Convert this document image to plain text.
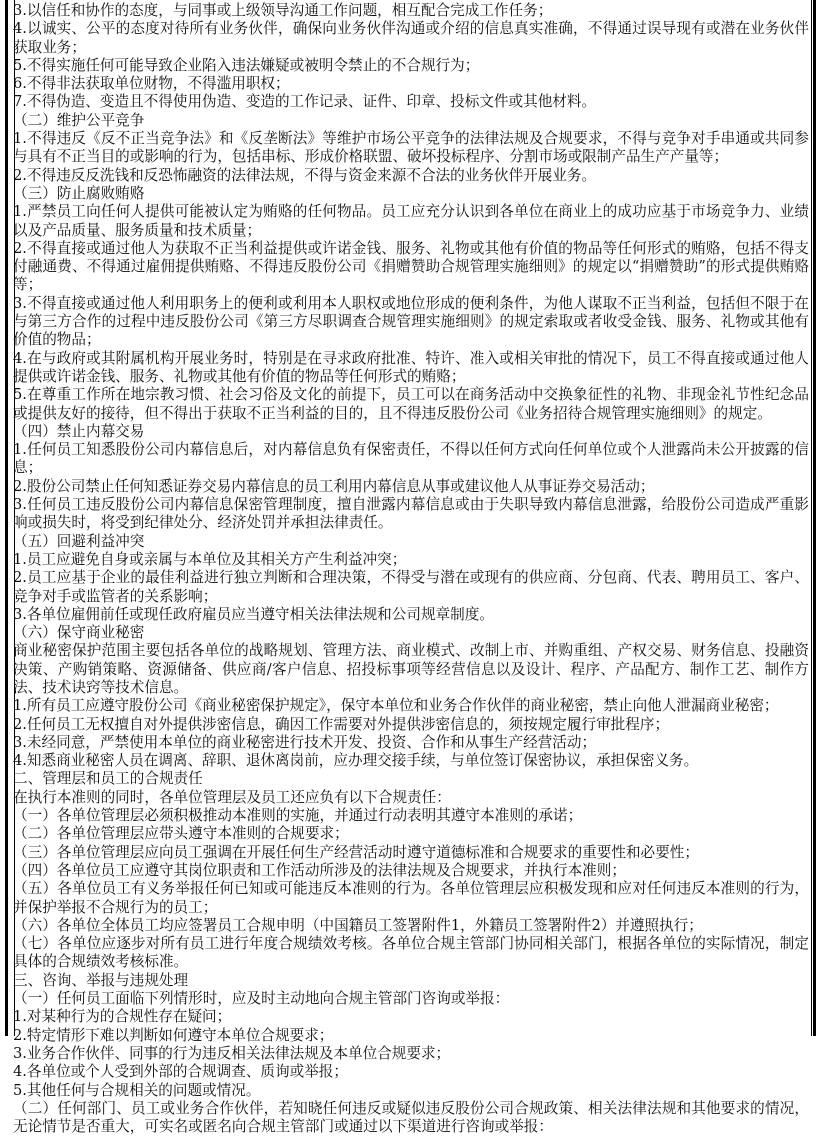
3.以信任和协作的态度，与同事或上级领导沟通工作问题，相互配合完成工作任务；

4.以诚实、公平的态度对待所有业务伙伴，确保向业务伙伴沟通或介绍的信息真实准确，不得通过误导现有或潜在业务伙伴获取业务；

5.不得实施任何可能导致企业陷入违法嫌疑或被明令禁止的不合规行为；

6.不得非法获取单位财物，不得滥用职权；

7.不得伪造、变造且不得使用伪造、变造的工作记录、证件、印章、投标文件或其他材料。

（二）维护公平竞争

1.不得违反《反不正当竞争法》和《反垄断法》等维护市场公平竞争的法律法规及合规要求，不得与竞争对手串通或共同参与具有不正当目的或影响的行为，包括串标、形成价格联盟、破坏投标程序、分割市场或限制产品生产产量等；

2.不得违反反洗钱和反恐怖融资的法律法规，不得与资金来源不合法的业务伙伴开展业务。

（三）防止腐败贿赂

1.严禁员工向任何人提供可能被认定为贿赂的任何物品。员工应充分认识到各单位在商业上的成功应基于市场竞争力、业绩以及产品质量、服务质量和技术质量；

2.不得直接或通过他人为获取不正当利益提供或许诺金钱、服务、礼物或其他有价值的物品等任何形式的贿赂，包括不得支付融通费、不得通过雇佣提供贿赂、不得违反股份公司《捐赠赞助合规管理实施细则》的规定以“捐赠赞助”的形式提供贿赂等；

3.不得直接或通过他人利用职务上的便利或利用本人职权或地位形成的便利条件，为他人谋取不正当利益，包括但不限于在与第三方合作的过程中违反股份公司《第三方尽职调查合规管理实施细则》的规定索取或者收受金钱、服务、礼物或其他有价值的物品；

4.在与政府或其附属机构开展业务时，特别是在寻求政府批准、特许、准入或相关审批的情况下，员工不得直接或通过他人提供或许诺金钱、服务、礼物或其他有价值的物品等任何形式的贿赂；

5.在尊重工作所在地宗教习惯、社会习俗及文化的前提下，员工可以在商务活动中交换象征性的礼物、非现金礼节性纪念品或提供友好的接待，但不得出于获取不正当利益的目的，且不得违反股份公司《业务招待合规管理实施细则》的规定。

（四）禁止内幕交易

1.任何员工知悉股份公司内幕信息后，对内幕信息负有保密责任，不得以任何方式向任何单位或个人泄露尚未公开披露的信息；

2.股份公司禁止任何知悉证券交易内幕信息的员工利用内幕信息从事或建议他人从事证券交易活动；

3.任何员工违反股份公司内幕信息保密管理制度，擅自泄露内幕信息或由于失职导致内幕信息泄露，给股份公司造成严重影响或损失时，将受到纪律处分、经济处罚并承担法律责任。

（五）回避利益冲突

1.员工应避免自身或亲属与本单位及其相关方产生利益冲突；

2.员工应基于企业的最佳利益进行独立判断和合理决策，不得受与潜在或现有的供应商、分包商、代表、聘用员工、客户、竞争对手或监管者的关系影响；

3.各单位雇佣前任或现任政府雇员应当遵守相关法律法规和公司规章制度。

（六）保守商业秘密

商业秘密保护范围主要包括各单位的战略规划、管理方法、商业模式、改制上市、并购重组、产权交易、财务信息、投融资决策、产购销策略、资源储备、供应商/客户信息、招投标事项等经营信息以及设计、程序、产品配方、制作工艺、制作方法、技术诀窍等技术信息。

1.所有员工应遵守股份公司《商业秘密保护规定》，保守本单位和业务合作伙伴的商业秘密，禁止向他人泄漏商业秘密；

2.任何员工无权擅自对外提供涉密信息，确因工作需要对外提供涉密信息的，须按规定履行审批程序；

3.未经同意，严禁使用本单位的商业秘密进行技术开发、投资、合作和从事生产经营活动；

4.知悉商业秘密人员在调离、辞职、退休离岗前，应办理交接手续，与单位签订保密协议，承担保密义务。

二、管理层和员工的合规责任

在执行本准则的同时，各单位管理层及员工还应负有以下合规责任：

（一）各单位管理层必须积极推动本准则的实施，并通过行动表明其遵守本准则的承诺；

（二）各单位管理层应带头遵守本准则的合规要求；

（三）各单位管理层应向员工强调在开展任何生产经营活动时遵守道德标准和合规要求的重要性和必要性；

（四）各单位员工应遵守其岗位职责和工作活动所涉及的法律法规及合规要求，并执行本准则；

（五）各单位员工有义务举报任何已知或可能违反本准则的行为。各单位管理层应积极发现和应对任何违反本准则的行为，并保护举报不合规行为的员工；

（六）各单位全体员工均应签署员工合规申明（中国籍员工签署附件1，外籍员工签署附件2）并遵照执行；

（七）各单位应逐步对所有员工进行年度合规绩效考核。各单位合规主管部门协同相关部门，根据各单位的实际情况，制定具体的合规绩效考核标准。

三、咨询、举报与违规处理

（一）任何员工面临下列情形时，应及时主动地向合规主管部门咨询或举报：

1.对某种行为的合规性存在疑问；

2.特定情形下难以判断如何遵守本单位合规要求；

3.业务合作伙伴、同事的行为违反相关法律法规及本单位合规要求；

4.各单位或个人受到外部的合规调查、质询或举报；

5.其他任何与合规相关的问题或情况。

（二）任何部门、员工或业务合作伙伴，若知晓任何违反或疑似违反股份公司合规政策、相关法律法规和其他要求的情况，无论情节是否重大，可实名或匿名向合规主管部门或通过以下渠道进行咨询或举报：
